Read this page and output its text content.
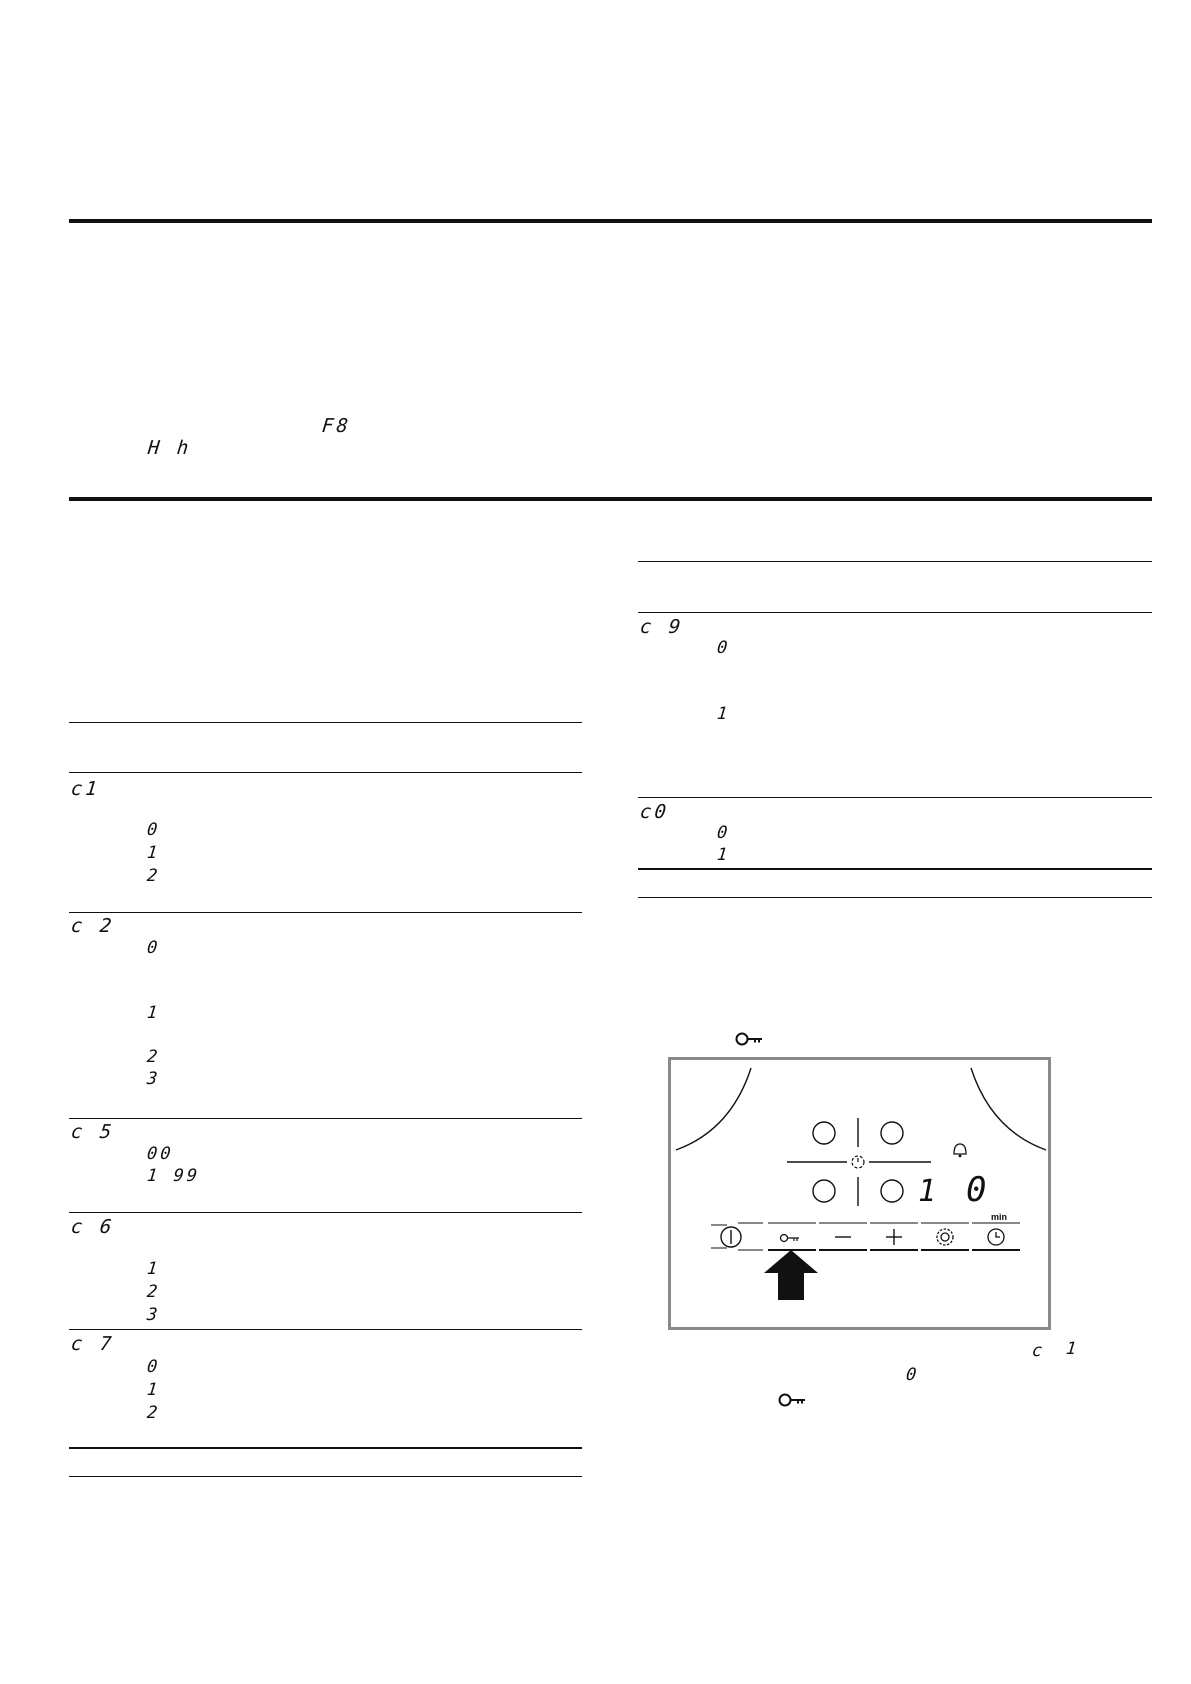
F8
H h
c1
0
1
2
c 2
0
1
2
3
c 5
00
1 99
c 6
1
2
3
c 7
0
1
2
c 9
0
1
c0
0
1
1 0
min
c 1
0
